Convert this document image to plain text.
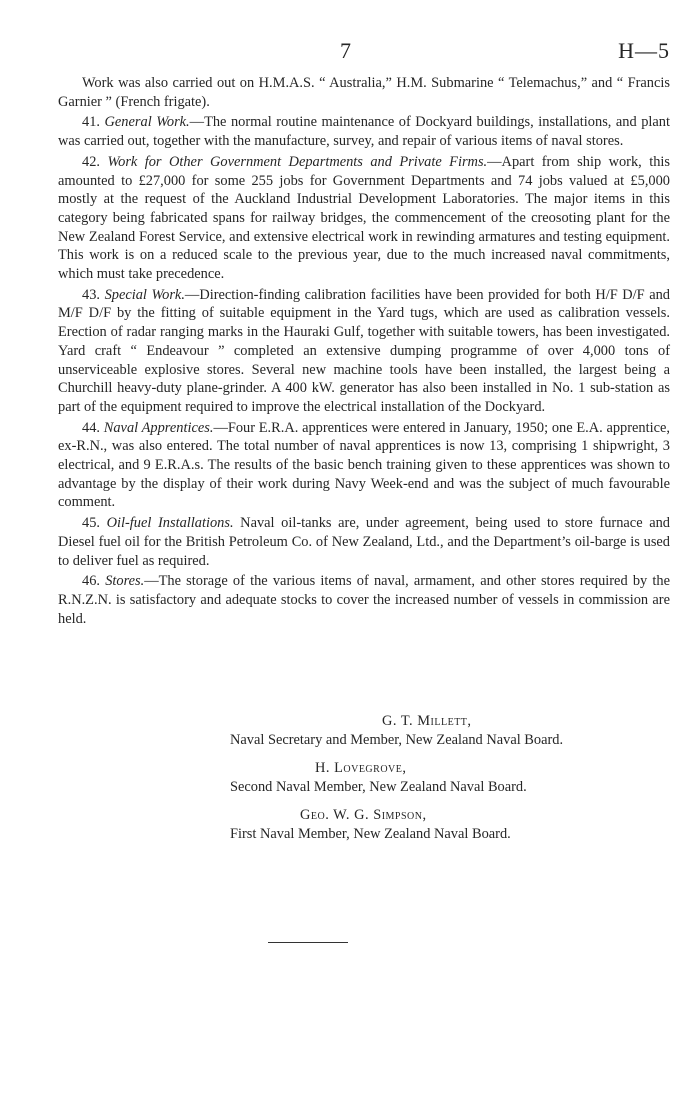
7	H—5

Work was also carried out on H.M.A.S. “ Australia,” H.M. Submarine “ Telemachus,” and “ Francis Garnier ” (French frigate).

41. General Work.—The normal routine maintenance of Dockyard buildings, installations, and plant was carried out, together with the manufacture, survey, and repair of various items of naval stores.

42. Work for Other Government Departments and Private Firms.—Apart from ship work, this amounted to £27,000 for some 255 jobs for Government Departments and 74 jobs valued at £5,000 mostly at the request of the Auckland Industrial Development Laboratories. The major items in this category being fabricated spans for railway bridges, the commencement of the creosoting plant for the New Zealand Forest Service, and extensive electrical work in rewinding armatures and testing equipment. This work is on a reduced scale to the previous year, due to the much increased naval commitments, which must take precedence.

43. Special Work.—Direction-finding calibration facilities have been provided for both H/F D/F and M/F D/F by the fitting of suitable equipment in the Yard tugs, which are used as calibration vessels. Erection of radar ranging marks in the Hauraki Gulf, together with suitable towers, has been investigated. Yard craft “ Endeavour ” completed an extensive dumping programme of over 4,000 tons of unserviceable explosive stores. Several new machine tools have been installed, the largest being a Churchill heavy-duty plane-grinder. A 400 kW. generator has also been installed in No. 1 sub-station as part of the equipment required to improve the electrical installation of the Dockyard.

44. Naval Apprentices.—Four E.R.A. apprentices were entered in January, 1950; one E.A. apprentice, ex-R.N., was also entered. The total number of naval apprentices is now 13, comprising 1 shipwright, 3 electrical, and 9 E.R.A.s. The results of the basic bench training given to these apprentices was shown to advantage by the display of their work during Navy Week-end and was the subject of much favourable comment.

45. Oil-fuel Installations. Naval oil-tanks are, under agreement, being used to store furnace and Diesel fuel oil for the British Petroleum Co. of New Zealand, Ltd., and the Department’s oil-barge is used to deliver fuel as required.

46. Stores.—The storage of the various items of naval, armament, and other stores required by the R.N.Z.N. is satisfactory and adequate stocks to cover the increased number of vessels in commission are held.

G. T. Millett,
Naval Secretary and Member, New Zealand Naval Board.
H. Lovegrove,
Second Naval Member, New Zealand Naval Board.
Geo. W. G. Simpson,
First Naval Member, New Zealand Naval Board.
